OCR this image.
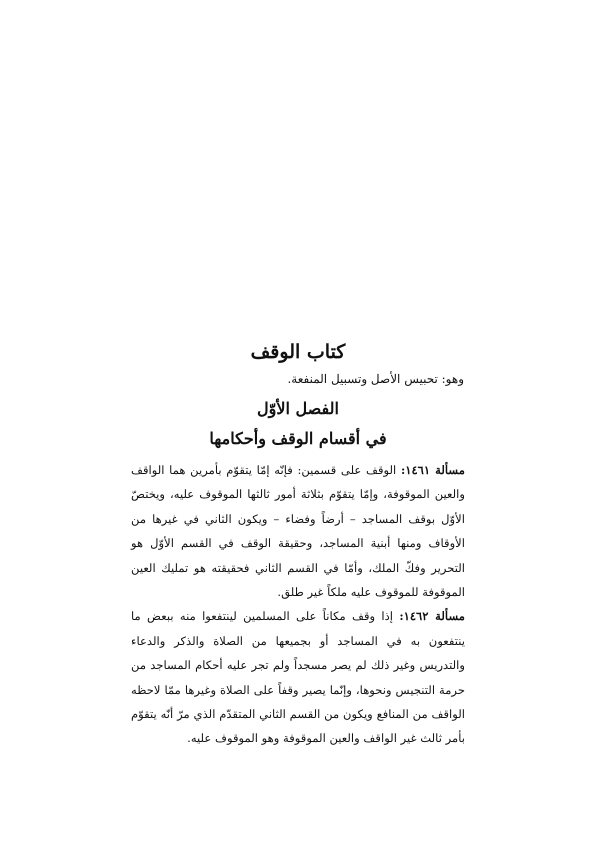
كتاب الوقف

وهو: تحبيس الأصل وتسبيل المنفعة.

الفصل الأوّل
في أقسام الوقف وأحكامها

مسألة ١٤٦١: الوقف على قسمين: فإنّه إمّا يتقوّم بأمرين هما الواقف والعين الموقوفة، وإمّا يتقوّم بثلاثة أمور ثالثها الموقوف عليه، ويختصّ الأوّل بوقف المساجد – أرضاً وفضاء – ويكون الثاني في غيرها من الأوقاف ومنها أبنية المساجد، وحقيقة الوقف في القسم الأوّل هو التحرير وفكّ الملك، وأمّا في القسم الثاني فحقيقته هو تمليك العين الموقوفة للموقوف عليه ملكاً غير طلق.

مسألة ١٤٦٢: إذا وقف مكاناً على المسلمين لينتفعوا منه ببعض ما ينتفعون به في المساجد أو بجميعها من الصلاة والذكر والدعاء والتدريس وغير ذلك لم يصر مسجداً ولم تجر عليه أحكام المساجد من حرمة التنجيس ونحوها، وإنّما يصير وقفاً على الصلاة وغيرها ممّا لاحظه الواقف من المنافع ويكون من القسم الثاني المتقدّم الذي مرّ أنّه يتقوّم بأمر ثالث غير الواقف والعين الموقوفة وهو الموقوف عليه.
